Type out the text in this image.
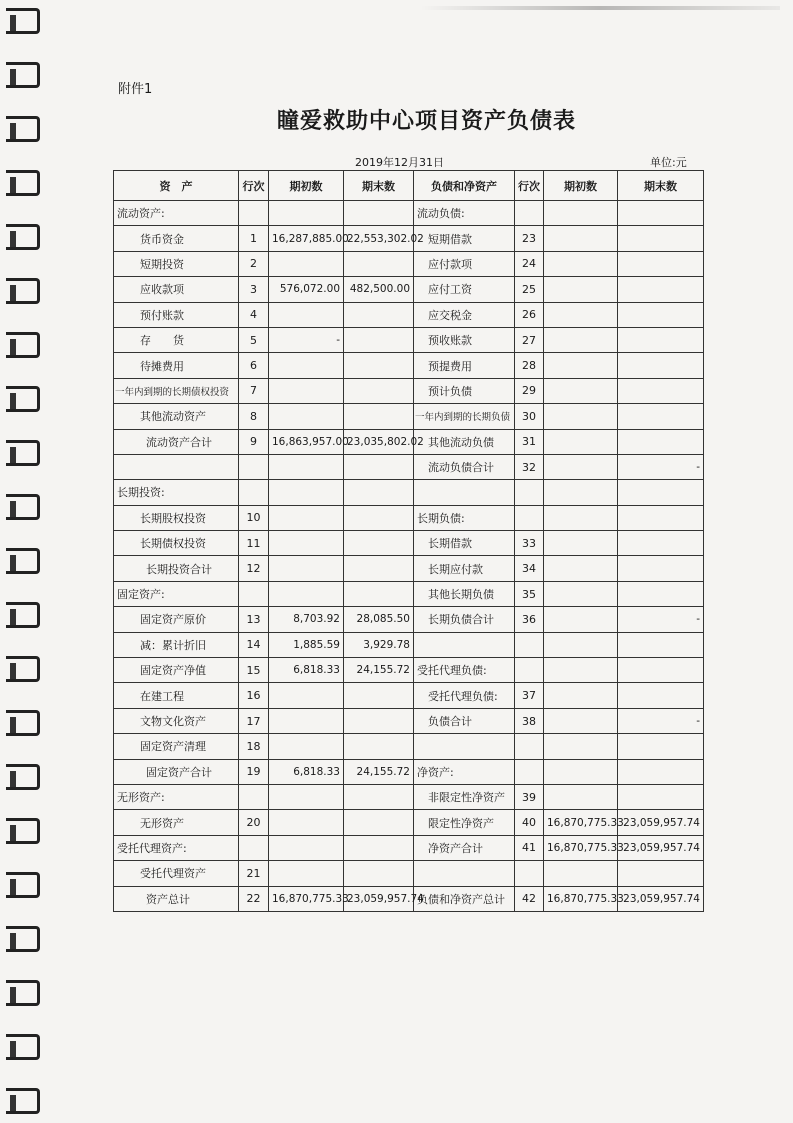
附件1
瞳爱救助中心项目资产负债表
2019年12月31日	单位:元
资　产	行次	期初数	期末数	负债和净资产	行次	期初数	期末数
流动资产:				流动负债:			
货币资金	1	16,287,885.00	22,553,302.02	短期借款	23		
短期投资	2			应付款项	24		
应收款项	3	576,072.00	482,500.00	应付工资	25		
预付账款	4			应交税金	26		
存　　货	5	-		预收账款	27		
待摊费用	6			预提费用	28		
一年内到期的长期债权投资	7			预计负债	29		
其他流动资产	8			一年内到期的长期负债	30		
流动资产合计	9	16,863,957.00	23,035,802.02	其他流动负债	31		
				流动负债合计	32		-
长期投资:							
长期股权投资	10			长期负债:			
长期债权投资	11			长期借款	33		
长期投资合计	12			长期应付款	34		
固定资产:				其他长期负债	35		
固定资产原价	13	8,703.92	28,085.50	长期负债合计	36		-
减：累计折旧	14	1,885.59	3,929.78				
固定资产净值	15	6,818.33	24,155.72	受托代理负债:			
在建工程	16			受托代理负债:	37		
文物文化资产	17			负债合计	38		-
固定资产清理	18						
固定资产合计	19	6,818.33	24,155.72	净资产:			
无形资产:				非限定性净资产	39		
无形资产	20			限定性净资产	40	16,870,775.33	23,059,957.74
受托代理资产:				净资产合计	41	16,870,775.33	23,059,957.74
受托代理资产	21						
资产总计	22	16,870,775.33	23,059,957.74	负债和净资产总计	42	16,870,775.33	23,059,957.74
